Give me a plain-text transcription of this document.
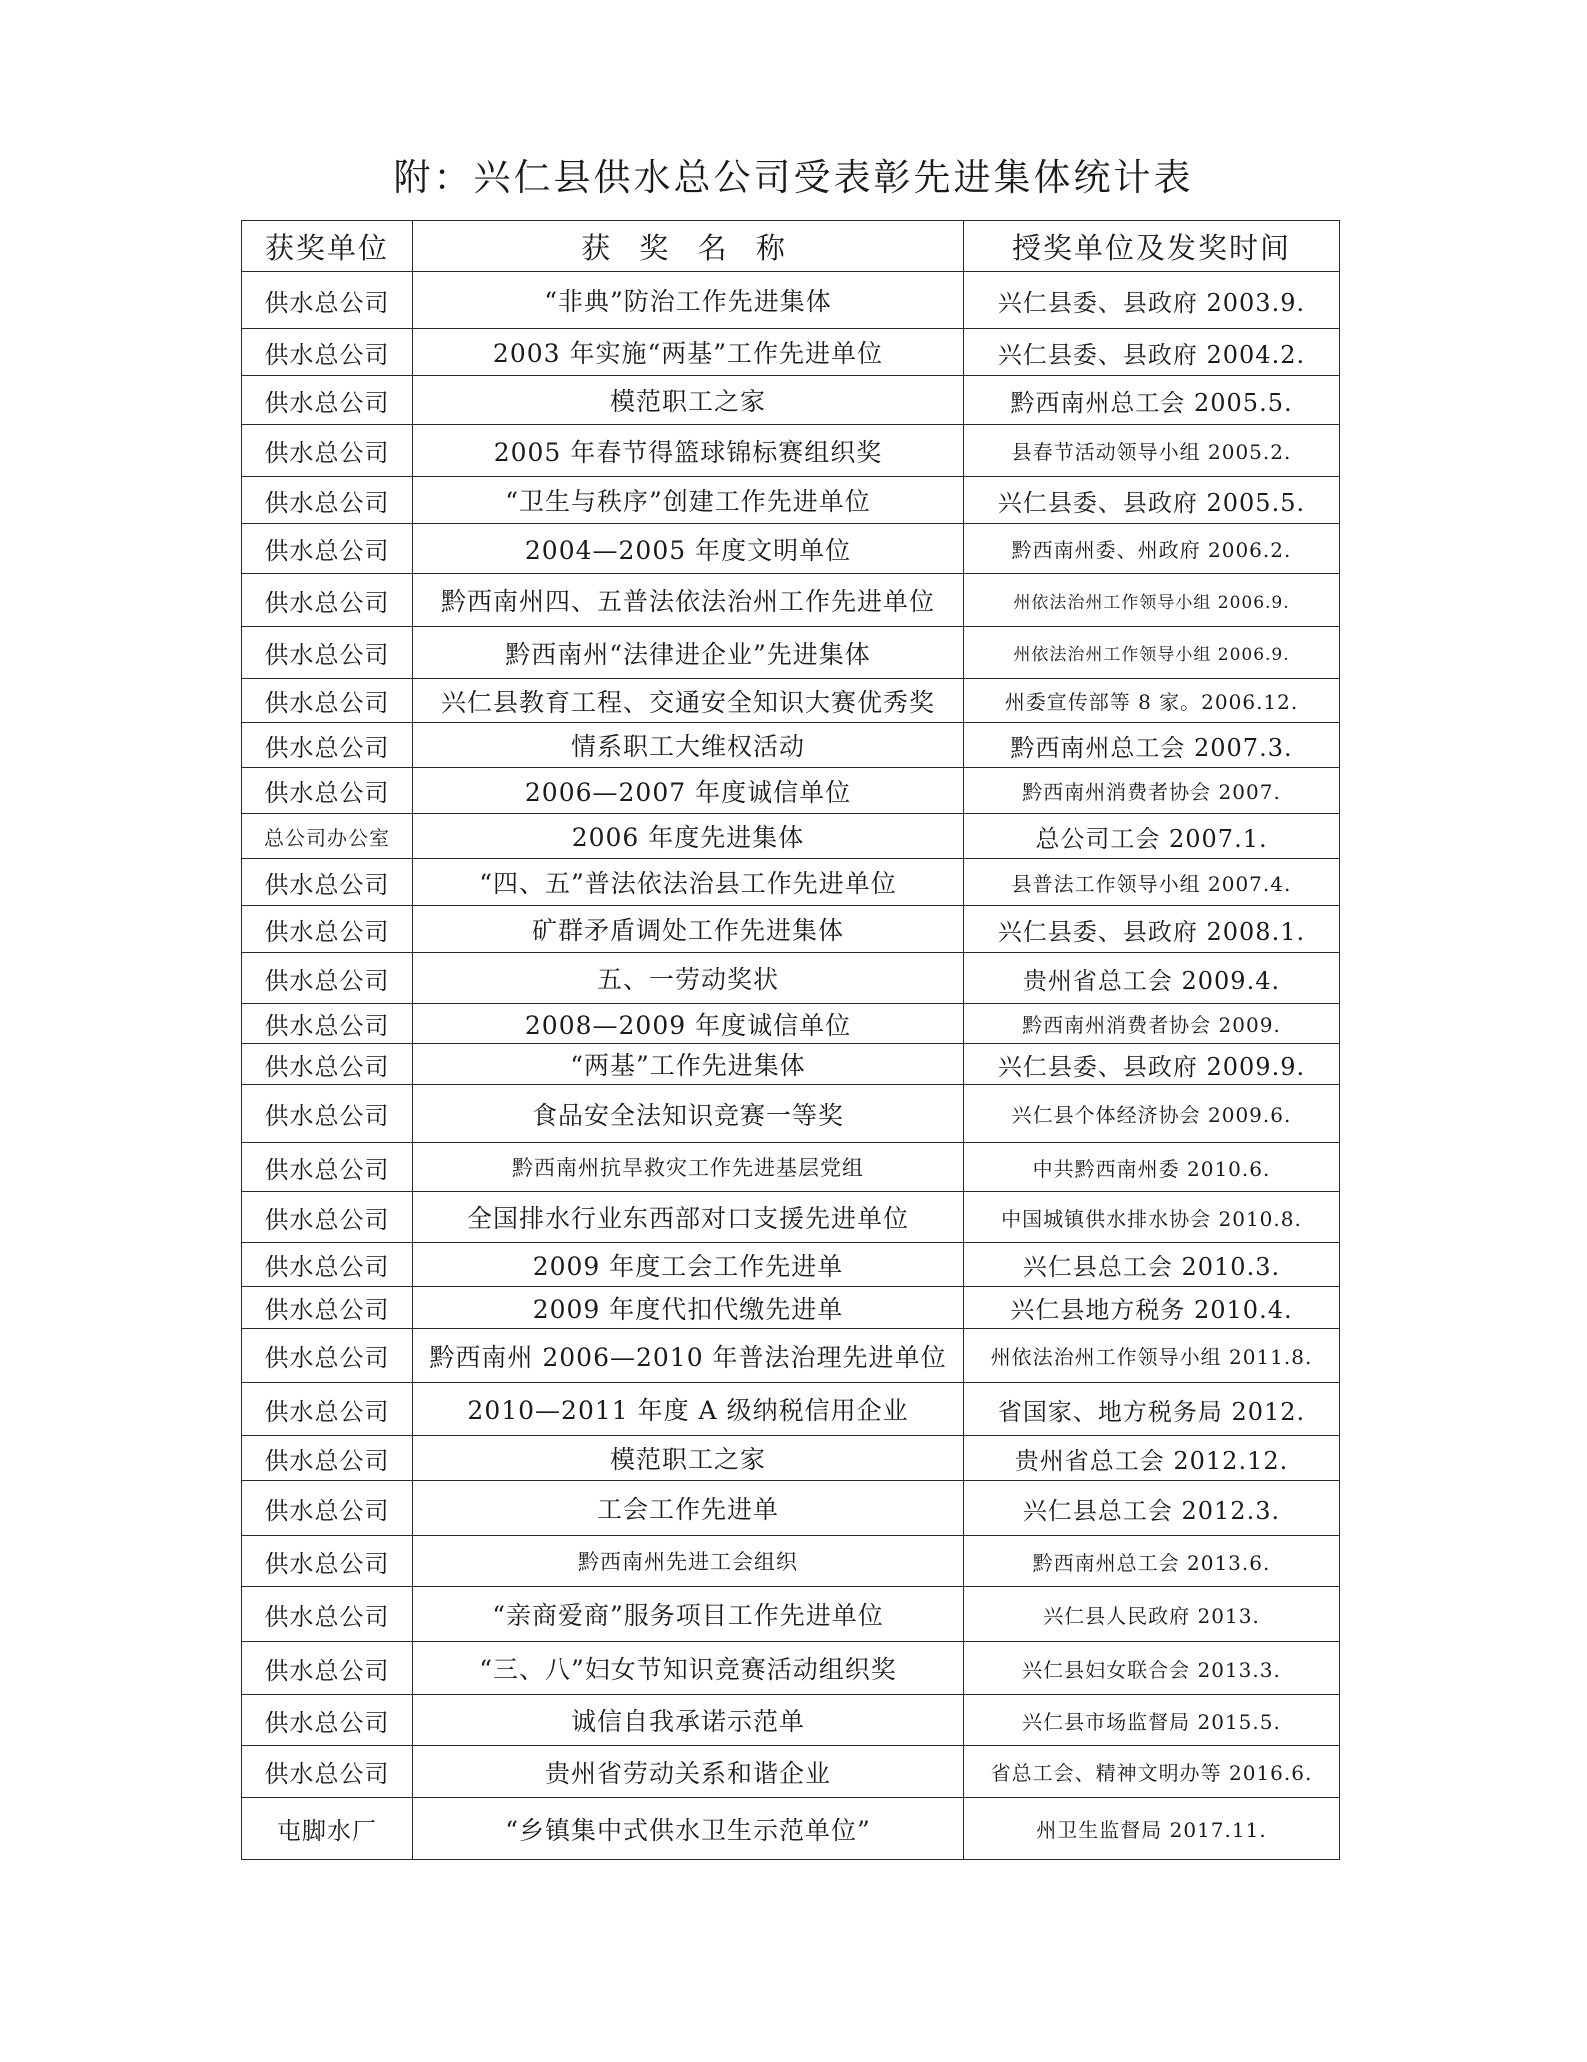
附：兴仁县供水总公司受表彰先进集体统计表
获奖单位	获 奖 名 称	授奖单位及发奖时间
供水总公司	“非典”防治工作先进集体	兴仁县委、县政府 2003.9.
供水总公司	2003 年实施“两基”工作先进单位	兴仁县委、县政府 2004.2.
供水总公司	模范职工之家	黔西南州总工会 2005.5.
供水总公司	2005 年春节得篮球锦标赛组织奖	县春节活动领导小组 2005.2.
供水总公司	“卫生与秩序”创建工作先进单位	兴仁县委、县政府 2005.5.
供水总公司	2004—2005 年度文明单位	黔西南州委、州政府 2006.2.
供水总公司	黔西南州四、五普法依法治州工作先进单位	州依法治州工作领导小组 2006.9.
供水总公司	黔西南州“法律进企业”先进集体	州依法治州工作领导小组 2006.9.
供水总公司	兴仁县教育工程、交通安全知识大赛优秀奖	州委宣传部等 8 家。2006.12.
供水总公司	情系职工大维权活动	黔西南州总工会 2007.3.
供水总公司	2006—2007 年度诚信单位	黔西南州消费者协会 2007.
总公司办公室	2006 年度先进集体	总公司工会 2007.1.
供水总公司	“四、五”普法依法治县工作先进单位	县普法工作领导小组 2007.4.
供水总公司	矿群矛盾调处工作先进集体	兴仁县委、县政府 2008.1.
供水总公司	五、一劳动奖状	贵州省总工会 2009.4.
供水总公司	2008—2009 年度诚信单位	黔西南州消费者协会 2009.
供水总公司	“两基”工作先进集体	兴仁县委、县政府 2009.9.
供水总公司	食品安全法知识竞赛一等奖	兴仁县个体经济协会 2009.6.
供水总公司	黔西南州抗旱救灾工作先进基层党组	中共黔西南州委 2010.6.
供水总公司	全国排水行业东西部对口支援先进单位	中国城镇供水排水协会 2010.8.
供水总公司	2009 年度工会工作先进单	兴仁县总工会 2010.3.
供水总公司	2009 年度代扣代缴先进单	兴仁县地方税务 2010.4.
供水总公司	黔西南州 2006—2010 年普法治理先进单位	州依法治州工作领导小组 2011.8.
供水总公司	2010—2011 年度 A 级纳税信用企业	省国家、地方税务局 2012.
供水总公司	模范职工之家	贵州省总工会 2012.12.
供水总公司	工会工作先进单	兴仁县总工会 2012.3.
供水总公司	黔西南州先进工会组织	黔西南州总工会 2013.6.
供水总公司	“亲商爱商”服务项目工作先进单位	兴仁县人民政府 2013.
供水总公司	“三、八”妇女节知识竞赛活动组织奖	兴仁县妇女联合会 2013.3.
供水总公司	诚信自我承诺示范单	兴仁县市场监督局 2015.5.
供水总公司	贵州省劳动关系和谐企业	省总工会、精神文明办等 2016.6.
屯脚水厂	“乡镇集中式供水卫生示范单位”	州卫生监督局 2017.11.
